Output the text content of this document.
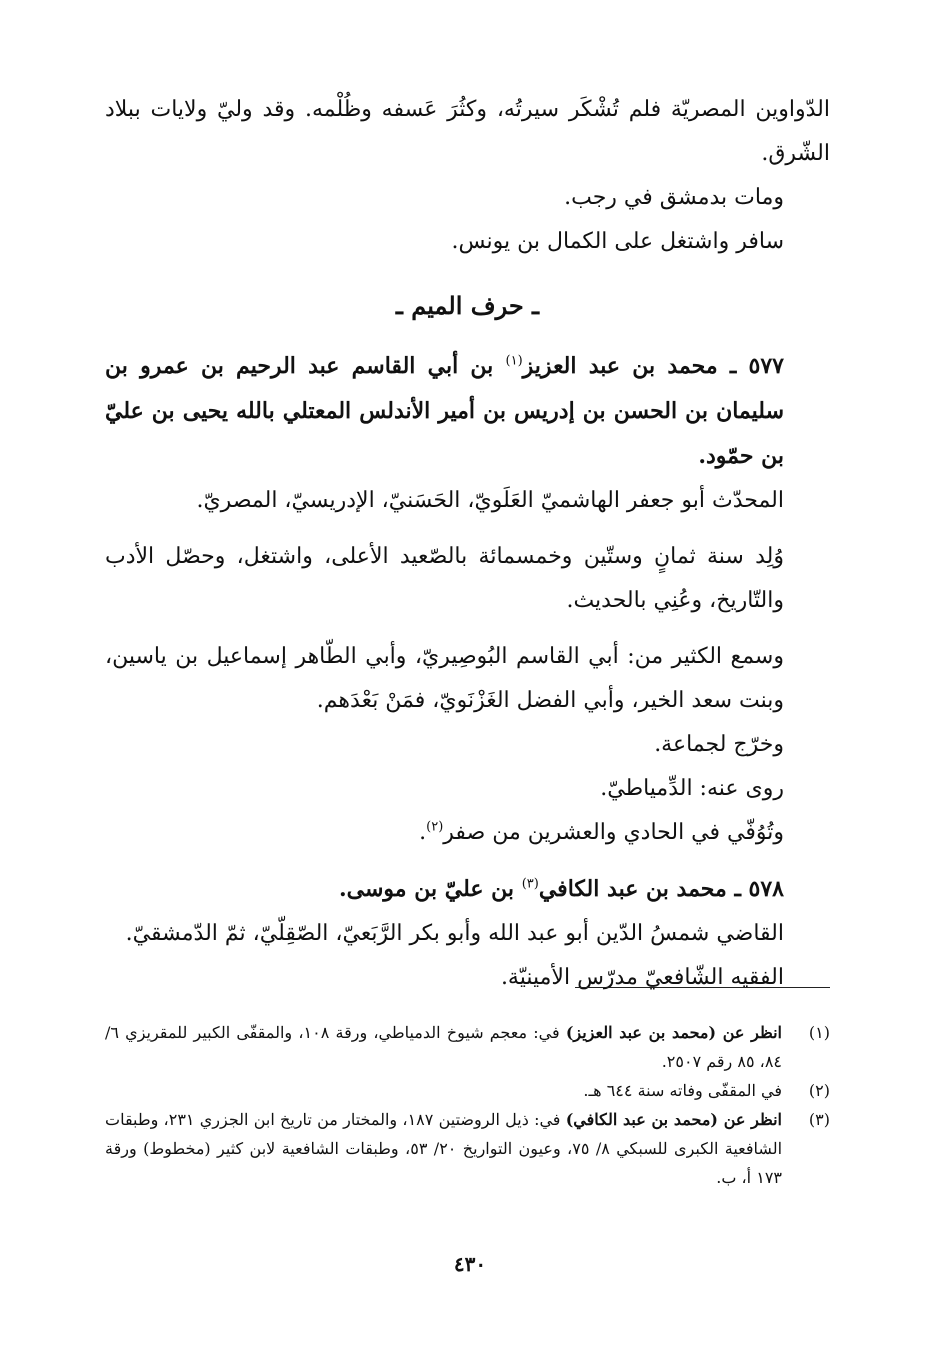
الدّواوين المصريّة فلم تُشْكَر سيرتُه، وكثُرَ عَسفه وظُلْمه. وقد وليّ ولايات ببلاد الشّرق.

ومات بدمشق في رجب.

سافر واشتغل على الكمال بن يونس.

ـ حرف الميم ـ

٥٧٧ ـ محمد بن عبد العزيز$^{(١)}$ بن أبي القاسم عبد الرحيم بن عمرو بن سليمان بن الحسن بن إدريس بن أمير الأندلس المعتلي بالله يحيى بن عليّ بن حمّود.

المحدّث أبو جعفر الهاشميّ العَلَويّ، الحَسَنيّ، الإدريسيّ، المصريّ.

وُلِد سنة ثمانٍ وستّين وخمسمائة بالصّعيد الأعلى، واشتغل، وحصّل الأدب والتّاريخ، وعُنِي بالحديث.

وسمع الكثير من: أبي القاسم البُوصِيريّ، وأبي الطّاهر إسماعيل بن ياسين، وبنت سعد الخير، وأبي الفضل الغَزْنَويّ، فمَنْ بَعْدَهم.

وخرّج لجماعة.

روى عنه: الدِّمياطيّ.

وتُوُفّي في الحادي والعشرين من صفر$^{(٢)}$.

٥٧٨ ـ محمد بن عبد الكافي$^{(٣)}$ بن عليّ بن موسى.

القاضي شمسُ الدّين أبو عبد الله وأبو بكر الرَّبَعيّ، الصّقِلّيّ، ثمّ الدّمشقيّ.

الفقيه الشّافعيّ مدرّس الأمينيّة.

(١)
انظر عن (محمد بن عبد العزيز) في: معجم شيوخ الدمياطي، ورقة ١٠٨، والمقفّى الكبير للمقريزي ٦/ ٨٤، ٨٥ رقم ٢٥٠٧.
(٢)
في المقفّى وفاته سنة ٦٤٤ هـ.
(٣)
انظر عن (محمد بن عبد الكافي) في: ذيل الروضتين ١٨٧، والمختار من تاريخ ابن الجزري ٢٣١، وطبقات الشافعية الكبرى للسبكي ٨/ ٧٥، وعيون التواريخ ٢٠/ ٥٣، وطبقات الشافعية لابن كثير (مخطوط) ورقة ١٧٣ أ، ب.
٤٣٠
